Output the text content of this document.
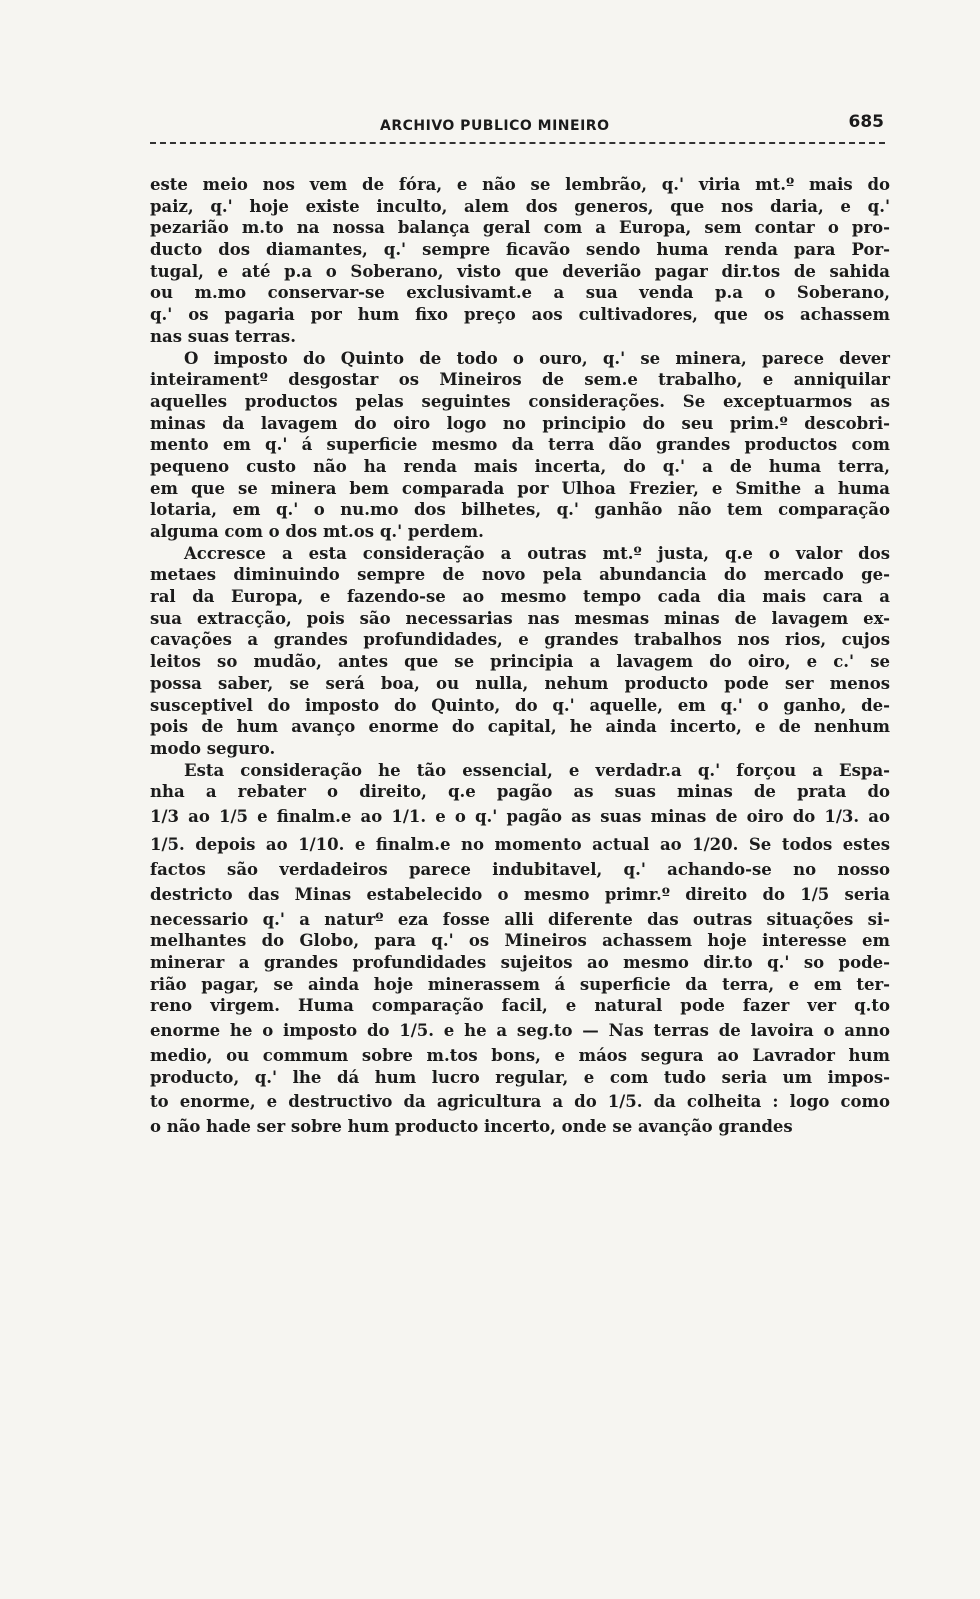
ARCHIVO PUBLICO MINEIRO	685
este meio nos vem de fóra, e não se lembrão, q.' viria mt.º mais do
paiz, q.' hoje existe inculto, alem dos generos, que nos daria, e q.'
pezarião m.to na nossa balança geral com a Europa, sem contar o pro-
ducto dos diamantes, q.' sempre ficavão sendo huma renda para Por-
tugal, e até p.a o Soberano, visto que deverião pagar dir.tos de sahida
ou m.mo conservar-se exclusivamt.e a sua venda p.a o Soberano,
q.' os pagaria por hum fixo preço aos cultivadores, que os achassem
nas suas terras.
O imposto do Quinto de todo o ouro, q.' se minera, parece dever
inteiramentº desgostar os Mineiros de sem.e trabalho, e anniquilar
aquelles productos pelas seguintes considerações. Se exceptuarmos as
minas da lavagem do oiro logo no principio do seu prim.º descobri-
mento em q.' á superficie mesmo da terra dão grandes productos com
pequeno custo não ha renda mais incerta, do q.' a de huma terra,
em que se minera bem comparada por Ulhoa Frezier, e Smithe a huma
lotaria, em q.' o nu.mo dos bilhetes, q.' ganhão não tem comparação
alguma com o dos mt.os q.' perdem.
Accresce a esta consideração a outras mt.º justa, q.e o valor dos
metaes diminuindo sempre de novo pela abundancia do mercado ge-
ral da Europa, e fazendo-se ao mesmo tempo cada dia mais cara a
sua extracção, pois são necessarias nas mesmas minas de lavagem ex-
cavações a grandes profundidades, e grandes trabalhos nos rios, cujos
leitos so mudão, antes que se principia a lavagem do oiro, e c.' se
possa saber, se será boa, ou nulla, nehum producto pode ser menos
susceptivel do imposto do Quinto, do q.' aquelle, em q.' o ganho, de-
pois de hum avanço enorme do capital, he ainda incerto, e de nenhum
modo seguro.
Esta consideração he tão essencial, e verdadr.a q.' forçou a Espa-
nha a rebater o direito, q.e pagão as suas minas de prata do
1/3 ao 1/5 e finalm.e ao 1/1. e o q.' pagão as suas minas de oiro do 1/3. ao
1/5. depois ao 1/10. e finalm.e no momento actual ao 1/20. Se todos estes
factos são verdadeiros parece indubitavel, q.' achando-se no nosso
destricto das Minas estabelecido o mesmo primr.º direito do 1/5 seria
necessario q.' a naturº eza fosse alli diferente das outras situações si-
melhantes do Globo, para q.' os Mineiros achassem hoje interesse em
minerar a grandes profundidades sujeitos ao mesmo dir.to q.' so pode-
rião pagar, se ainda hoje minerassem á superficie da terra, e em ter-
reno virgem. Huma comparação facil, e natural pode fazer ver q.to
enorme he o imposto do 1/5. e he a seg.to — Nas terras de lavoira o anno
medio, ou commum sobre m.tos bons, e máos segura ao Lavrador hum
producto, q.' lhe dá hum lucro regular, e com tudo seria um impos-
to enorme, e destructivo da agricultura a do 1/5. da colheita : logo como
o não hade ser sobre hum producto incerto, onde se avanção grandes
